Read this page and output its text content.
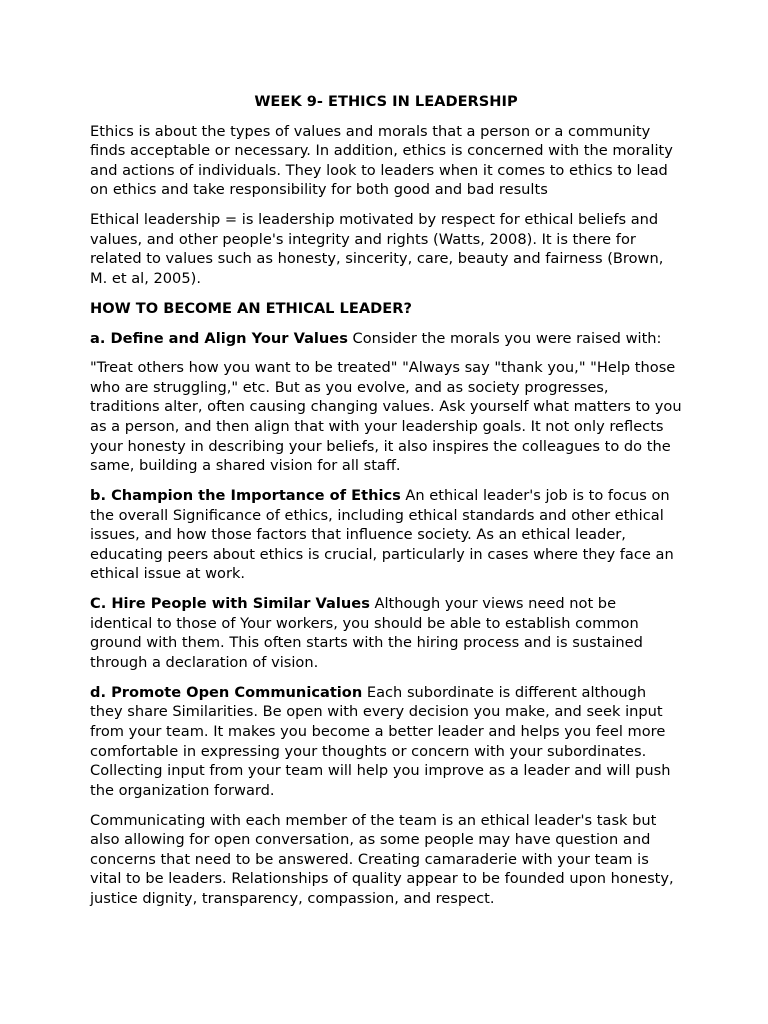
WEEK 9- ETHICS IN LEADERSHIP

Ethics is about the types of values and morals that a person or a community finds acceptable or necessary. In addition, ethics is concerned with the morality and actions of individuals. They look to leaders when it comes to ethics to lead on ethics and take responsibility for both good and bad results

Ethical leadership = is leadership motivated by respect for ethical beliefs and values, and other people's integrity and rights (Watts, 2008). It is there for related to values such as honesty, sincerity, care, beauty and fairness (Brown, M. et al, 2005).

HOW TO BECOME AN ETHICAL LEADER?

a. Define and Align Your Values Consider the morals you were raised with:

"Treat others how you want to be treated" "Always say "thank you," "Help those who are struggling," etc. But as you evolve, and as society progresses, traditions alter, often causing changing values. Ask yourself what matters to you as a person, and then align that with your leadership goals. It not only reflects your honesty in describing your beliefs, it also inspires the colleagues to do the same, building a shared vision for all staff.

b. Champion the Importance of Ethics An ethical leader's job is to focus on the overall Significance of ethics, including ethical standards and other ethical issues, and how those factors that influence society. As an ethical leader, educating peers about ethics is crucial, particularly in cases where they face an ethical issue at work.

C. Hire People with Similar Values Although your views need not be identical to those of Your workers, you should be able to establish common ground with them. This often starts with the hiring process and is sustained through a declaration of vision.

d. Promote Open Communication Each subordinate is different although they share Similarities. Be open with every decision you make, and seek input from your team. It makes you become a better leader and helps you feel more comfortable in expressing your thoughts or concern with your subordinates. Collecting input from your team will help you improve as a leader and will push the organization forward.

Communicating with each member of the team is an ethical leader's task but also allowing for open conversation, as some people may have question and concerns that need to be answered. Creating camaraderie with your team is vital to be leaders. Relationships of quality appear to be founded upon honesty, justice dignity, transparency, compassion, and respect.
